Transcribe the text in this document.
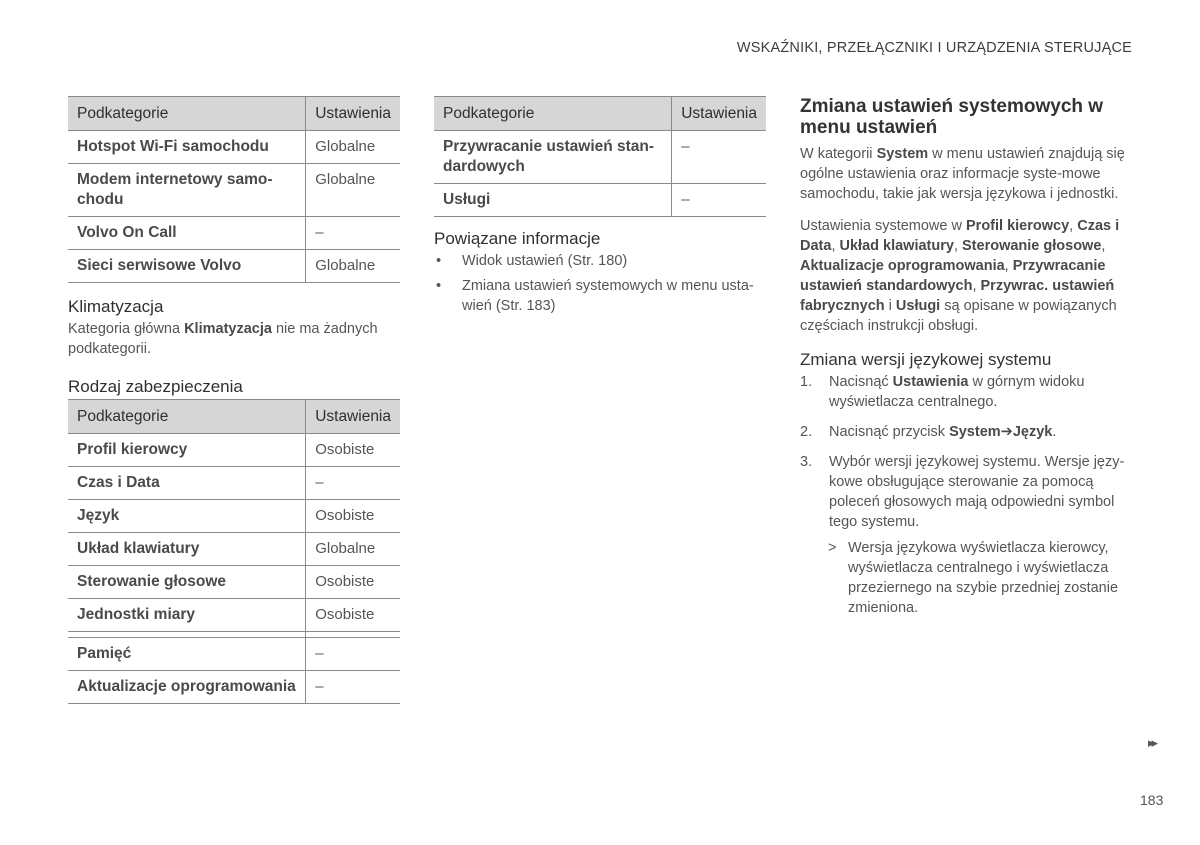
WSKAŹNIKI, PRZEŁĄCZNIKI I URZĄDZENIA STERUJĄCE
Podkategorie	Ustawienia
Hotspot Wi-Fi samochodu	Globalne
Modem internetowy samo-
chodu	Globalne
Volvo On Call	–
Sieci serwisowe Volvo	Globalne
Klimatyzacja

Kategoria główna Klimatyzacja nie ma żadnych podkategorii.

Rodzaj zabezpieczenia
Podkategorie	Ustawienia
Profil kierowcy	Osobiste
Czas i Data	–
Język	Osobiste
Układ klawiatury	Globalne
Sterowanie głosowe	Osobiste
Jednostki miary	Osobiste

Pamięć	–
Aktualizacje oprogramowania	–
Podkategorie	Ustawienia
Przywracanie ustawień stan-
dardowych	–
Usługi	–
Powiązane informacje
• Widok ustawień (Str. 180)
• Zmiana ustawień systemowych w menu usta-
wień (Str. 183)
Zmiana ustawień systemowych w
menu ustawień

W kategorii System w menu ustawień znajdują się ogólne ustawienia oraz informacje syste-mowe samochodu, takie jak wersja językowa i jednostki.

Ustawienia systemowe w Profil kierowcy, Czas i Data, Układ klawiatury, Sterowanie głosowe, Aktualizacje oprogramowania, Przywracanie ustawień standardowych, Przywrac. ustawień fabrycznych i Usługi są opisane w powiązanych częściach instrukcji obsługi.

Zmiana wersji językowej systemu
1. Nacisnąć Ustawienia w górnym widoku wyświetlacza centralnego.
2. Nacisnąć przycisk System➔Język.
3. Wybór wersji językowej systemu. Wersje języ-kowe obsługujące sterowanie za pomocą poleceń głosowych mają odpowiedni symbol tego systemu.
> Wersja językowa wyświetlacza kierowcy, wyświetlacza centralnego i wyświetlacza przeziernego na szybie przedniej zostanie zmieniona.
▸▸
183
